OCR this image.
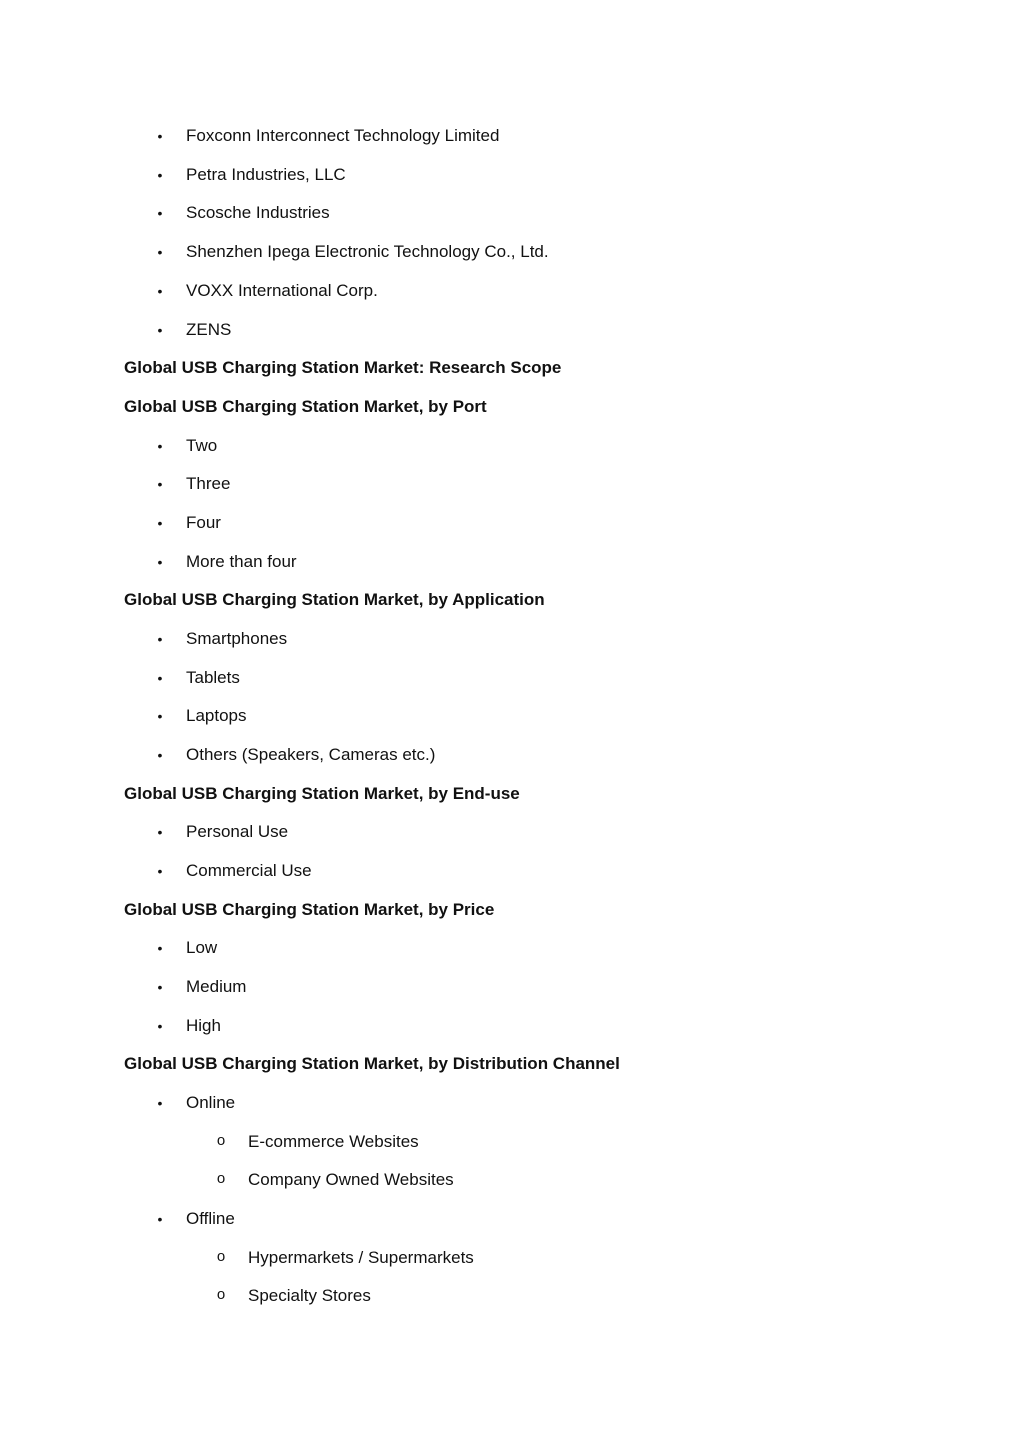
• Foxconn Interconnect Technology Limited
• Petra Industries, LLC
• Scosche Industries
• Shenzhen Ipega Electronic Technology Co., Ltd.
• VOXX International Corp.
• ZENS
Global USB Charging Station Market: Research Scope
Global USB Charging Station Market, by Port
• Two
• Three
• Four
• More than four
Global USB Charging Station Market, by Application
• Smartphones
• Tablets
• Laptops
• Others (Speakers, Cameras etc.)
Global USB Charging Station Market, by End-use
• Personal Use
• Commercial Use
Global USB Charging Station Market, by Price
• Low
• Medium
• High
Global USB Charging Station Market, by Distribution Channel
• Online
o E-commerce Websites
o Company Owned Websites
• Offline
o Hypermarkets / Supermarkets
o Specialty Stores
